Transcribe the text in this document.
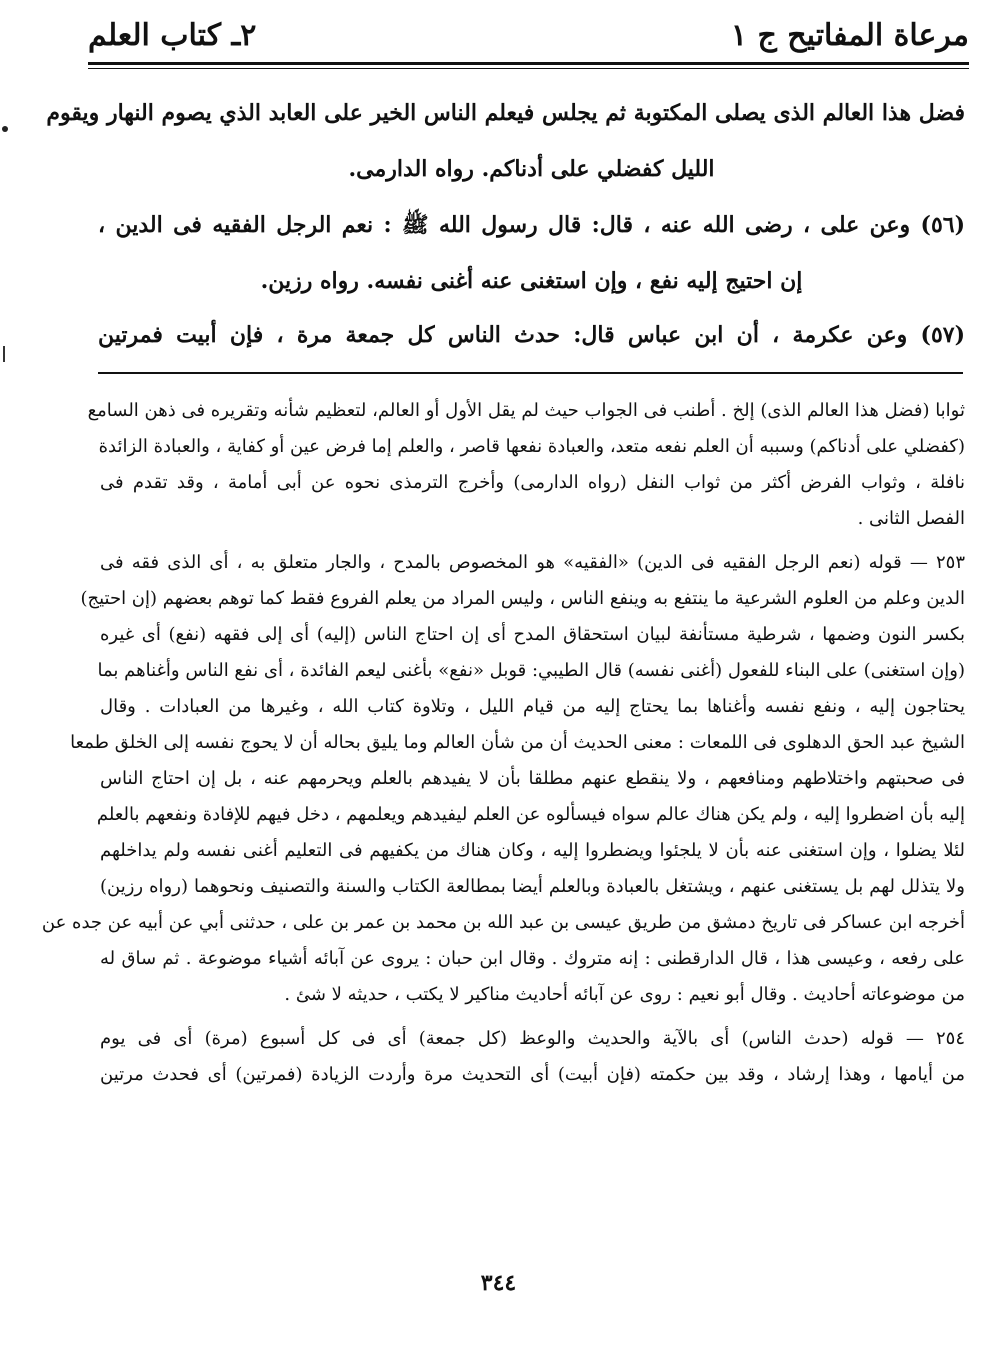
مرعاة المفاتيح ج ١
٢ـ كتاب العلم
فضل هذا العالم الذى يصلى المكتوبة ثم يجلس فيعلم الناس الخير على العابد الذي يصوم النهار ويقوم
الليل كفضلي على أدناكم. رواه الدارمى.
(٥٦) وعن على ، رضى الله عنه ، قال: قال رسول الله ﷺ : نعم الرجل الفقيه فى الدين ،
إن احتيج إليه نفع ، وإن استغنى عنه أغنى نفسه. رواه رزين.
(٥٧) وعن عكرمة ، أن ابن عباس قال: حدث الناس كل جمعة مرة ، فإن أبيت فمرتين
ثوابا (فضل هذا العالم الذى) إلخ . أطنب فى الجواب حيث لم يقل الأول أو العالم، لتعظيم شأنه وتقريره فى ذهن السامع
(كفضلي على أدناكم) وسببه أن العلم نفعه متعد، والعبادة نفعها قاصر ، والعلم إما فرض عين أو كفاية ، والعبادة الزائدة
نافلة ، وثواب الفرض أكثر من ثواب النفل (رواه الدارمى) وأخرج الترمذى نحوه عن أبى أمامة ، وقد تقدم فى
الفصل الثانى .
٢٥٣ — قوله (نعم الرجل الفقيه فى الدين) «الفقيه» هو المخصوص بالمدح ، والجار متعلق به ، أى الذى فقه فى
الدين وعلم من العلوم الشرعية ما ينتفع به وينفع الناس ، وليس المراد من يعلم الفروع فقط كما توهم بعضهم (إن احتيج)
بكسر النون وضمها ، شرطية مستأنفة لبيان استحقاق المدح أى إن احتاج الناس (إليه) أى إلى فقهه (نفع) أى غيره
(وإن استغنى) على البناء للفعول (أغنى نفسه) قال الطيبي: قوبل «نفع» بأغنى ليعم الفائدة ، أى نفع الناس وأغناهم بما
يحتاجون إليه ، ونفع نفسه وأغناها بما يحتاج إليه من قيام الليل ، وتلاوة كتاب الله ، وغيرها من العبادات . وقال
الشيخ عبد الحق الدهلوى فى اللمعات : معنى الحديث أن من شأن العالم وما يليق بحاله أن لا يحوج نفسه إلى الخلق طمعا
فى صحبتهم واختلاطهم ومنافعهم ، ولا ينقطع عنهم مطلقا بأن لا يفيدهم بالعلم ويحرمهم عنه ، بل إن احتاج الناس
إليه بأن اضطروا إليه ، ولم يكن هناك عالم سواه فيسألوه عن العلم ليفيدهم ويعلمهم ، دخل فيهم للإفادة ونفعهم بالعلم
لئلا يضلوا ، وإن استغنى عنه بأن لا يلجئوا ويضطروا إليه ، وكان هناك من يكفيهم فى التعليم أغنى نفسه ولم يداخلهم
ولا يتذلل لهم بل يستغنى عنهم ، ويشتغل بالعبادة وبالعلم أيضا بمطالعة الكتاب والسنة والتصنيف ونحوهما (رواه رزين)
أخرجه ابن عساكر فى تاريخ دمشق من طريق عيسى بن عبد الله بن محمد بن عمر بن على ، حدثنى أبي عن أبيه عن جده عن
على رفعه ، وعيسى هذا ، قال الدارقطنى : إنه متروك . وقال ابن حبان : يروى عن آبائه أشياء موضوعة . ثم ساق له
من موضوعاته أحاديث . وقال أبو نعيم : روى عن آبائه أحاديث مناكير لا يكتب ، حديثه لا شئ .
٢٥٤ — قوله (حدث الناس) أى بالآية والحديث والوعظ (كل جمعة) أى فى كل أسبوع (مرة) أى فى يوم
من أيامها ، وهذا إرشاد ، وقد بين حكمته (فإن أبيت) أى التحديث مرة وأردت الزيادة (فمرتين) أى فحدث مرتين
٣٤٤
